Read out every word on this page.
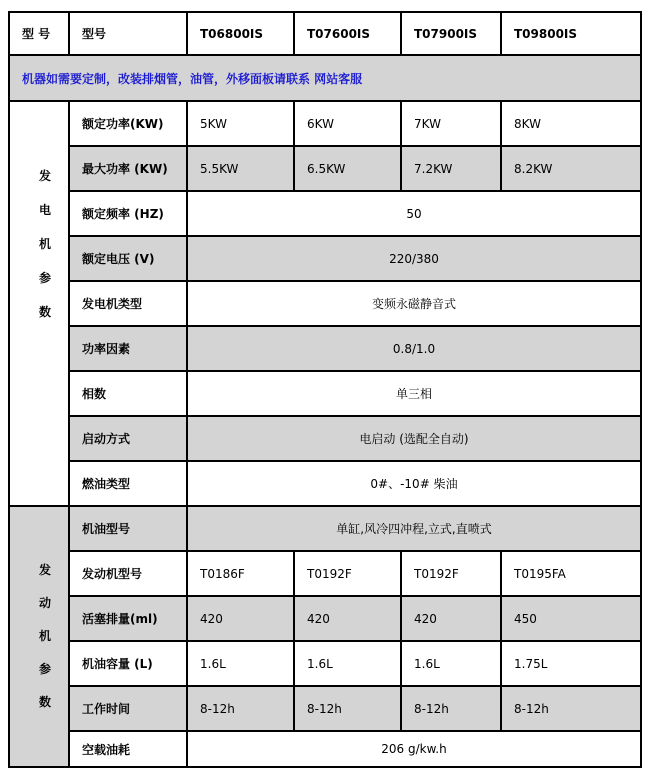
型 号	型号	T06800IS	T07600IS	T07900IS	T09800IS
机器如需要定制，改装排烟管，油管，外移面板请联系 网站客服					

发
电
机
参
数	额定功率(KW)	5KW	6KW	7KW	8KW
	最大功率 (KW)	5.5KW	6.5KW	7.2KW	8.2KW
	额定频率 (HZ)	50			
	额定电压 (V)	220/380			
	发电机类型	变频永磁静音式			
	功率因素	0.8/1.0			
	相数	单三相			
	启动方式	电启动 (选配全自动)			
	燃油类型	0#、-10# 柴油			

发
动
机
参
数	机油型号	单缸,风冷四冲程,立式,直喷式			
	发动机型号	T0186F	T0192F	T0192F	T0195FA
	活塞排量(ml)	420	420	420	450
	机油容量 (L)	1.6L	1.6L	1.6L	1.75L
	工作时间	8-12h	8-12h	8-12h	8-12h
	空载油耗	206 g/kw.h			
